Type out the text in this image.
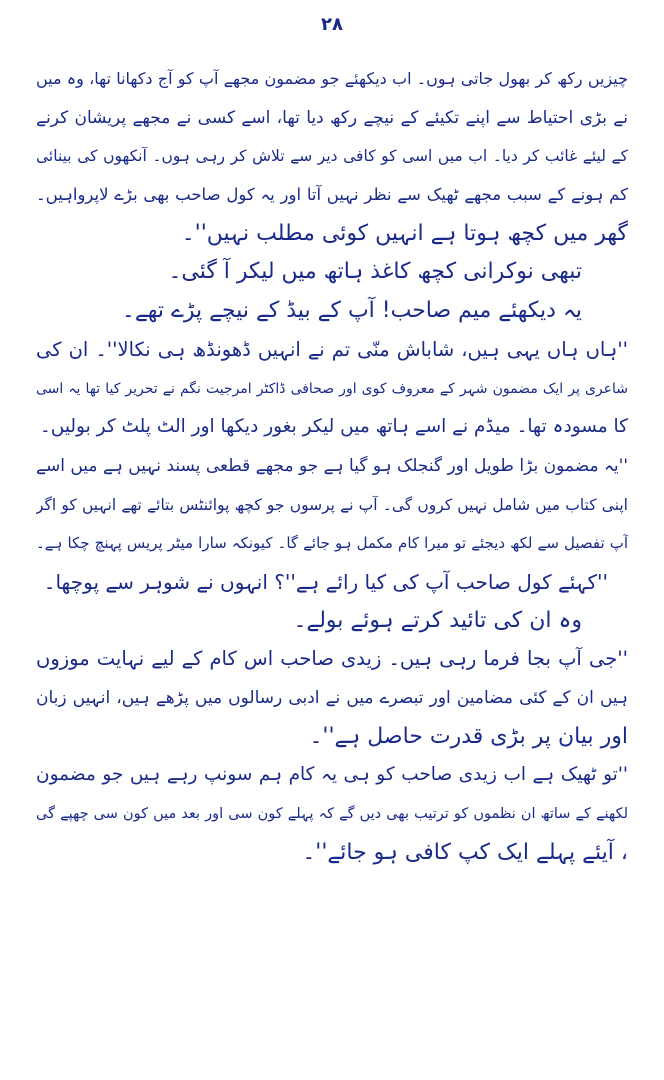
۲۸
چیزیں رکھ کر بھول جاتی ہوں۔ اب دیکھئے جو مضمون مجھے آپ کو آج دکھانا تھا، وہ میں
نے بڑی احتیاط سے اپنے تکیئے کے نیچے رکھ دیا تھا، اسے کسی نے مجھے پریشان کرنے
کے لیئے غائب کر دیا۔ اب میں اسی کو کافی دیر سے تلاش کر رہی ہوں۔ آنکھوں کی بینائی
کم ہونے کے سبب مجھے ٹھیک سے نظر نہیں آتا اور یہ کول صاحب بھی بڑے لاپرواہیں۔
گھر میں کچھ ہوتا ہے انہیں کوئی مطلب نہیں''۔
تبھی نوکرانی کچھ کاغذ ہاتھ میں لیکر آ گئی۔
یہ دیکھئے میم صاحب! آپ کے بیڈ کے نیچے پڑے تھے۔
''ہاں ہاں یہی ہیں، شاباش منّی تم نے انہیں ڈھونڈھ ہی نکالا''۔ ان کی
شاعری پر ایک مضمون شہر کے معروف کوی اور صحافی ڈاکٹر امرجیت نگم نے تحریر کیا تھا یہ اسی
کا مسودہ تھا۔ میڈم نے اسے ہاتھ میں لیکر بغور دیکھا اور الٹ پلٹ کر بولیں۔
''یہ مضمون بڑا طویل اور گنجلک ہو گیا ہے جو مجھے قطعی پسند نہیں ہے میں اسے
اپنی کتاب میں شامل نہیں کروں گی۔ آپ نے پرسوں جو کچھ پوائنٹس بتائے تھے انہیں کو اگر
آپ تفصیل سے لکھ دیجئے تو میرا کام مکمل ہو جائے گا۔ کیونکہ سارا میٹر پریس پہنچ چکا ہے۔
''کہئے کول صاحب آپ کی کیا رائے ہے''؟ انہوں نے شوہر سے پوچھا۔
وہ ان کی تائید کرتے ہوئے بولے۔
''جی آپ بجا فرما رہی ہیں۔ زیدی صاحب اس کام کے لیے نہایت موزوں
ہیں ان کے کئی مضامین اور تبصرے میں نے ادبی رسالوں میں پڑھے ہیں، انہیں زبان
اور بیان پر بڑی قدرت حاصل ہے''۔
''تو ٹھیک ہے اب زیدی صاحب کو ہی یہ کام ہم سونپ رہے ہیں جو مضمون
لکھنے کے ساتھ ان نظموں کو ترتیب بھی دیں گے کہ پہلے کون سی اور بعد میں کون سی چھپے گی
، آیئے پہلے ایک کپ کافی ہو جائے''۔
